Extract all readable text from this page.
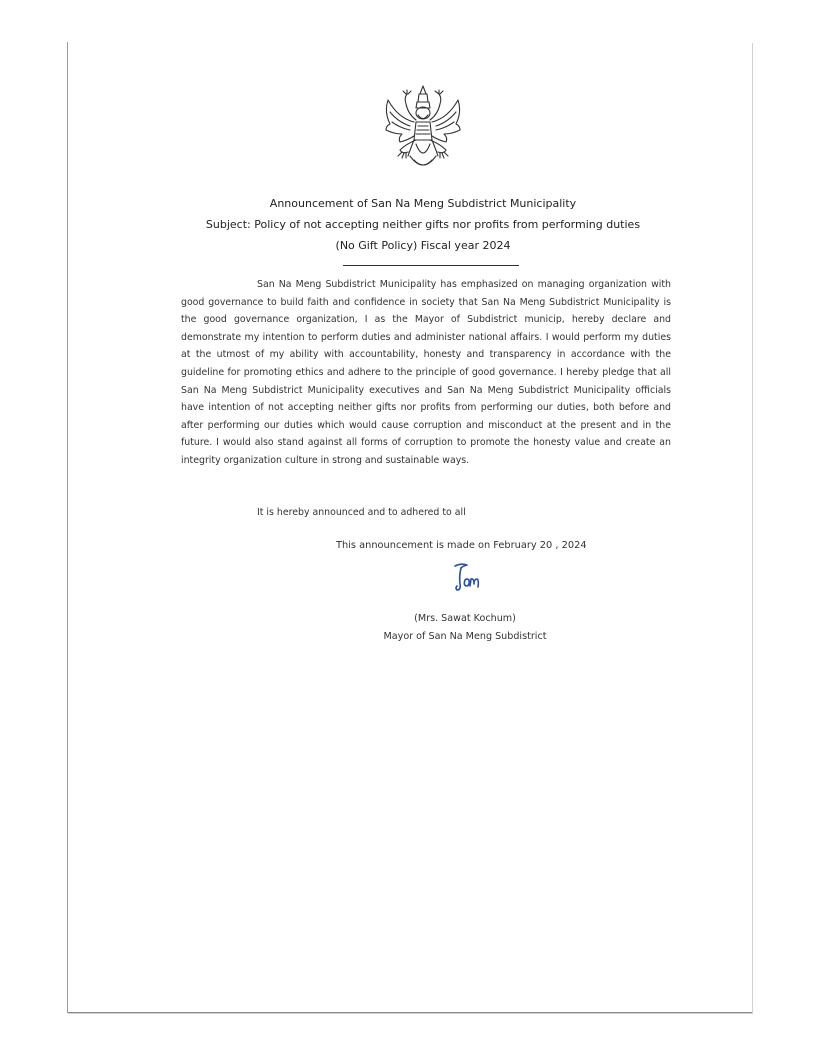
Announcement of San Na Meng Subdistrict Municipality
Subject: Policy of not accepting neither gifts nor profits from performing duties
(No Gift Policy) Fiscal year 2024
San Na Meng Subdistrict Municipality has emphasized on managing organization with good governance to build faith and confidence in society that San Na Meng Subdistrict Municipality is the good governance organization, I as the Mayor of Subdistrict municip, hereby declare and demonstrate my intention to perform duties and administer national affairs. I would perform my duties at the utmost of my ability with accountability, honesty and transparency in accordance with the guideline for promoting ethics and adhere to the principle of good governance. I hereby pledge that all San Na Meng Subdistrict Municipality executives and San Na Meng Subdistrict Municipality officials have intention of not accepting neither gifts nor profits from performing our duties, both before and after performing our duties which would cause corruption and misconduct at the present and in the future. I would also stand against all forms of corruption to promote the honesty value and create an integrity organization culture in strong and sustainable ways.
It is hereby announced and to adhered to all
This announcement is made on February 20 , 2024
(Mrs. Sawat Kochum)
Mayor of San Na Meng Subdistrict
